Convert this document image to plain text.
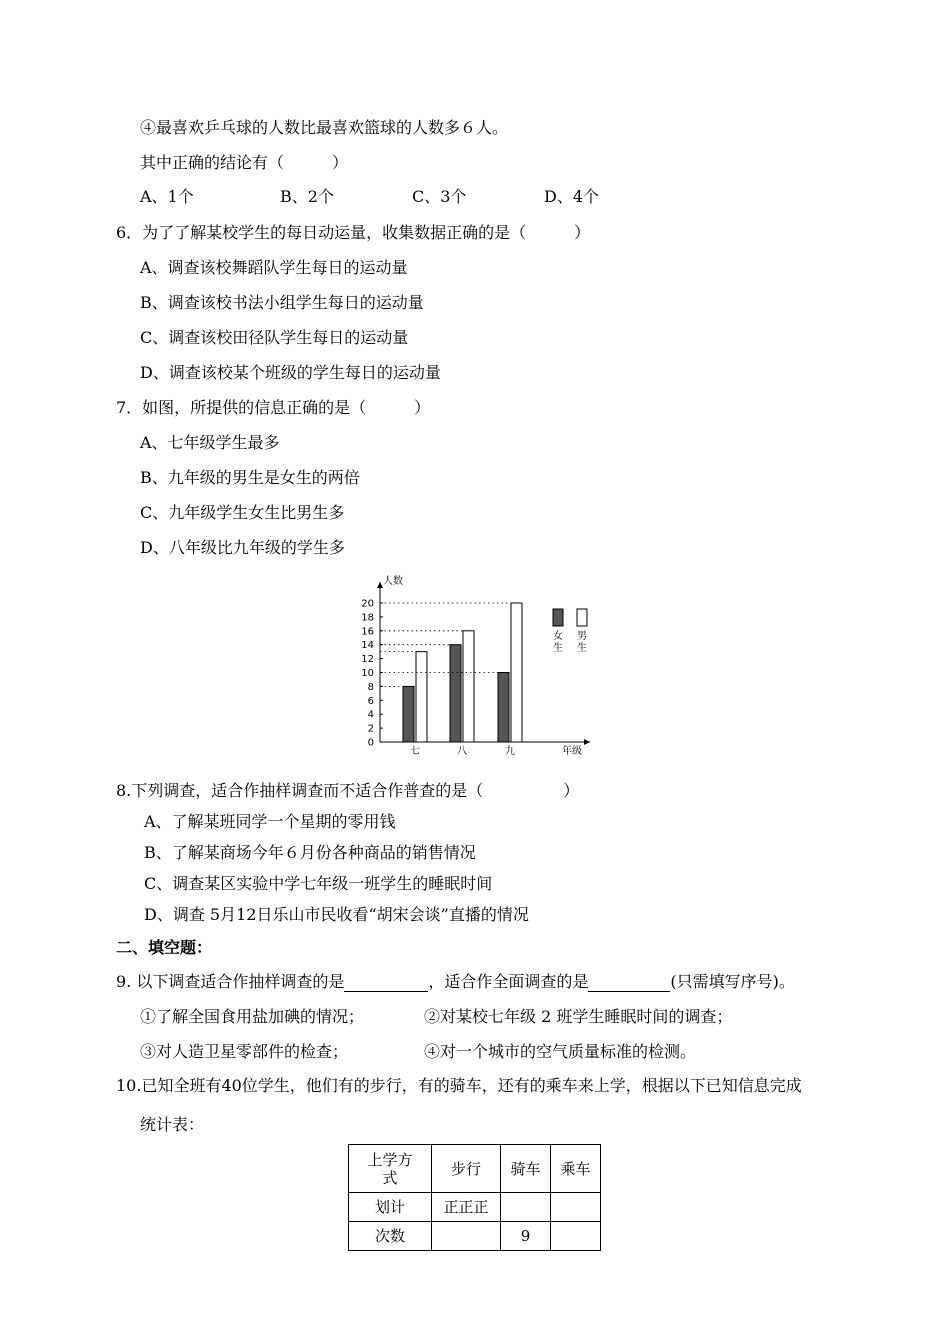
④最喜欢乒乓球的人数比最喜欢篮球的人数多６人。
其中正确的结论有（　　　）
A、1个	B、2个	C、3个	D、4个
6．为了了解某校学生的每日动运量，收集数据正确的是（　　　）
A、调查该校舞蹈队学生每日的运动量
B、调查该校书法小组学生每日的运动量
C、调查该校田径队学生每日的运动量
D、调查该校某个班级的学生每日的运动量
7．如图，所提供的信息正确的是（　　　）
A、七年级学生最多
B、九年级的男生是女生的两倍
C、九年级学生女生比男生多
D、八年级比九年级的学生多
人数
年级
0
2
4
6
8
10
12
14
16
18
20
七	八	九
女
生
男
生
8.下列调查，适合作抽样调查而不适合作普查的是（　　　　　）
A、了解某班同学一个星期的零用钱
B、了解某商场今年６月份各种商品的销售情况
C、调查某区实验中学七年级一班学生的睡眠时间
D、调查 5月12日乐山市民收看“胡宋会谈”直播的情况
二、填空题：
9. 以下调查适合作抽样调查的是	，适合作全面调查的是	(只需填写序号)。
①了解全国食用盐加碘的情况；	②对某校七年级 2 班学生睡眠时间的调查；
③对人造卫星零部件的检查；	④对一个城市的空气质量标准的检测。
10.已知全班有40位学生，他们有的步行，有的骑车，还有的乘车来上学，根据以下已知信息完成
统计表：
上学方式	步行	骑车	乘车
划计	正正正		
次数		9	
